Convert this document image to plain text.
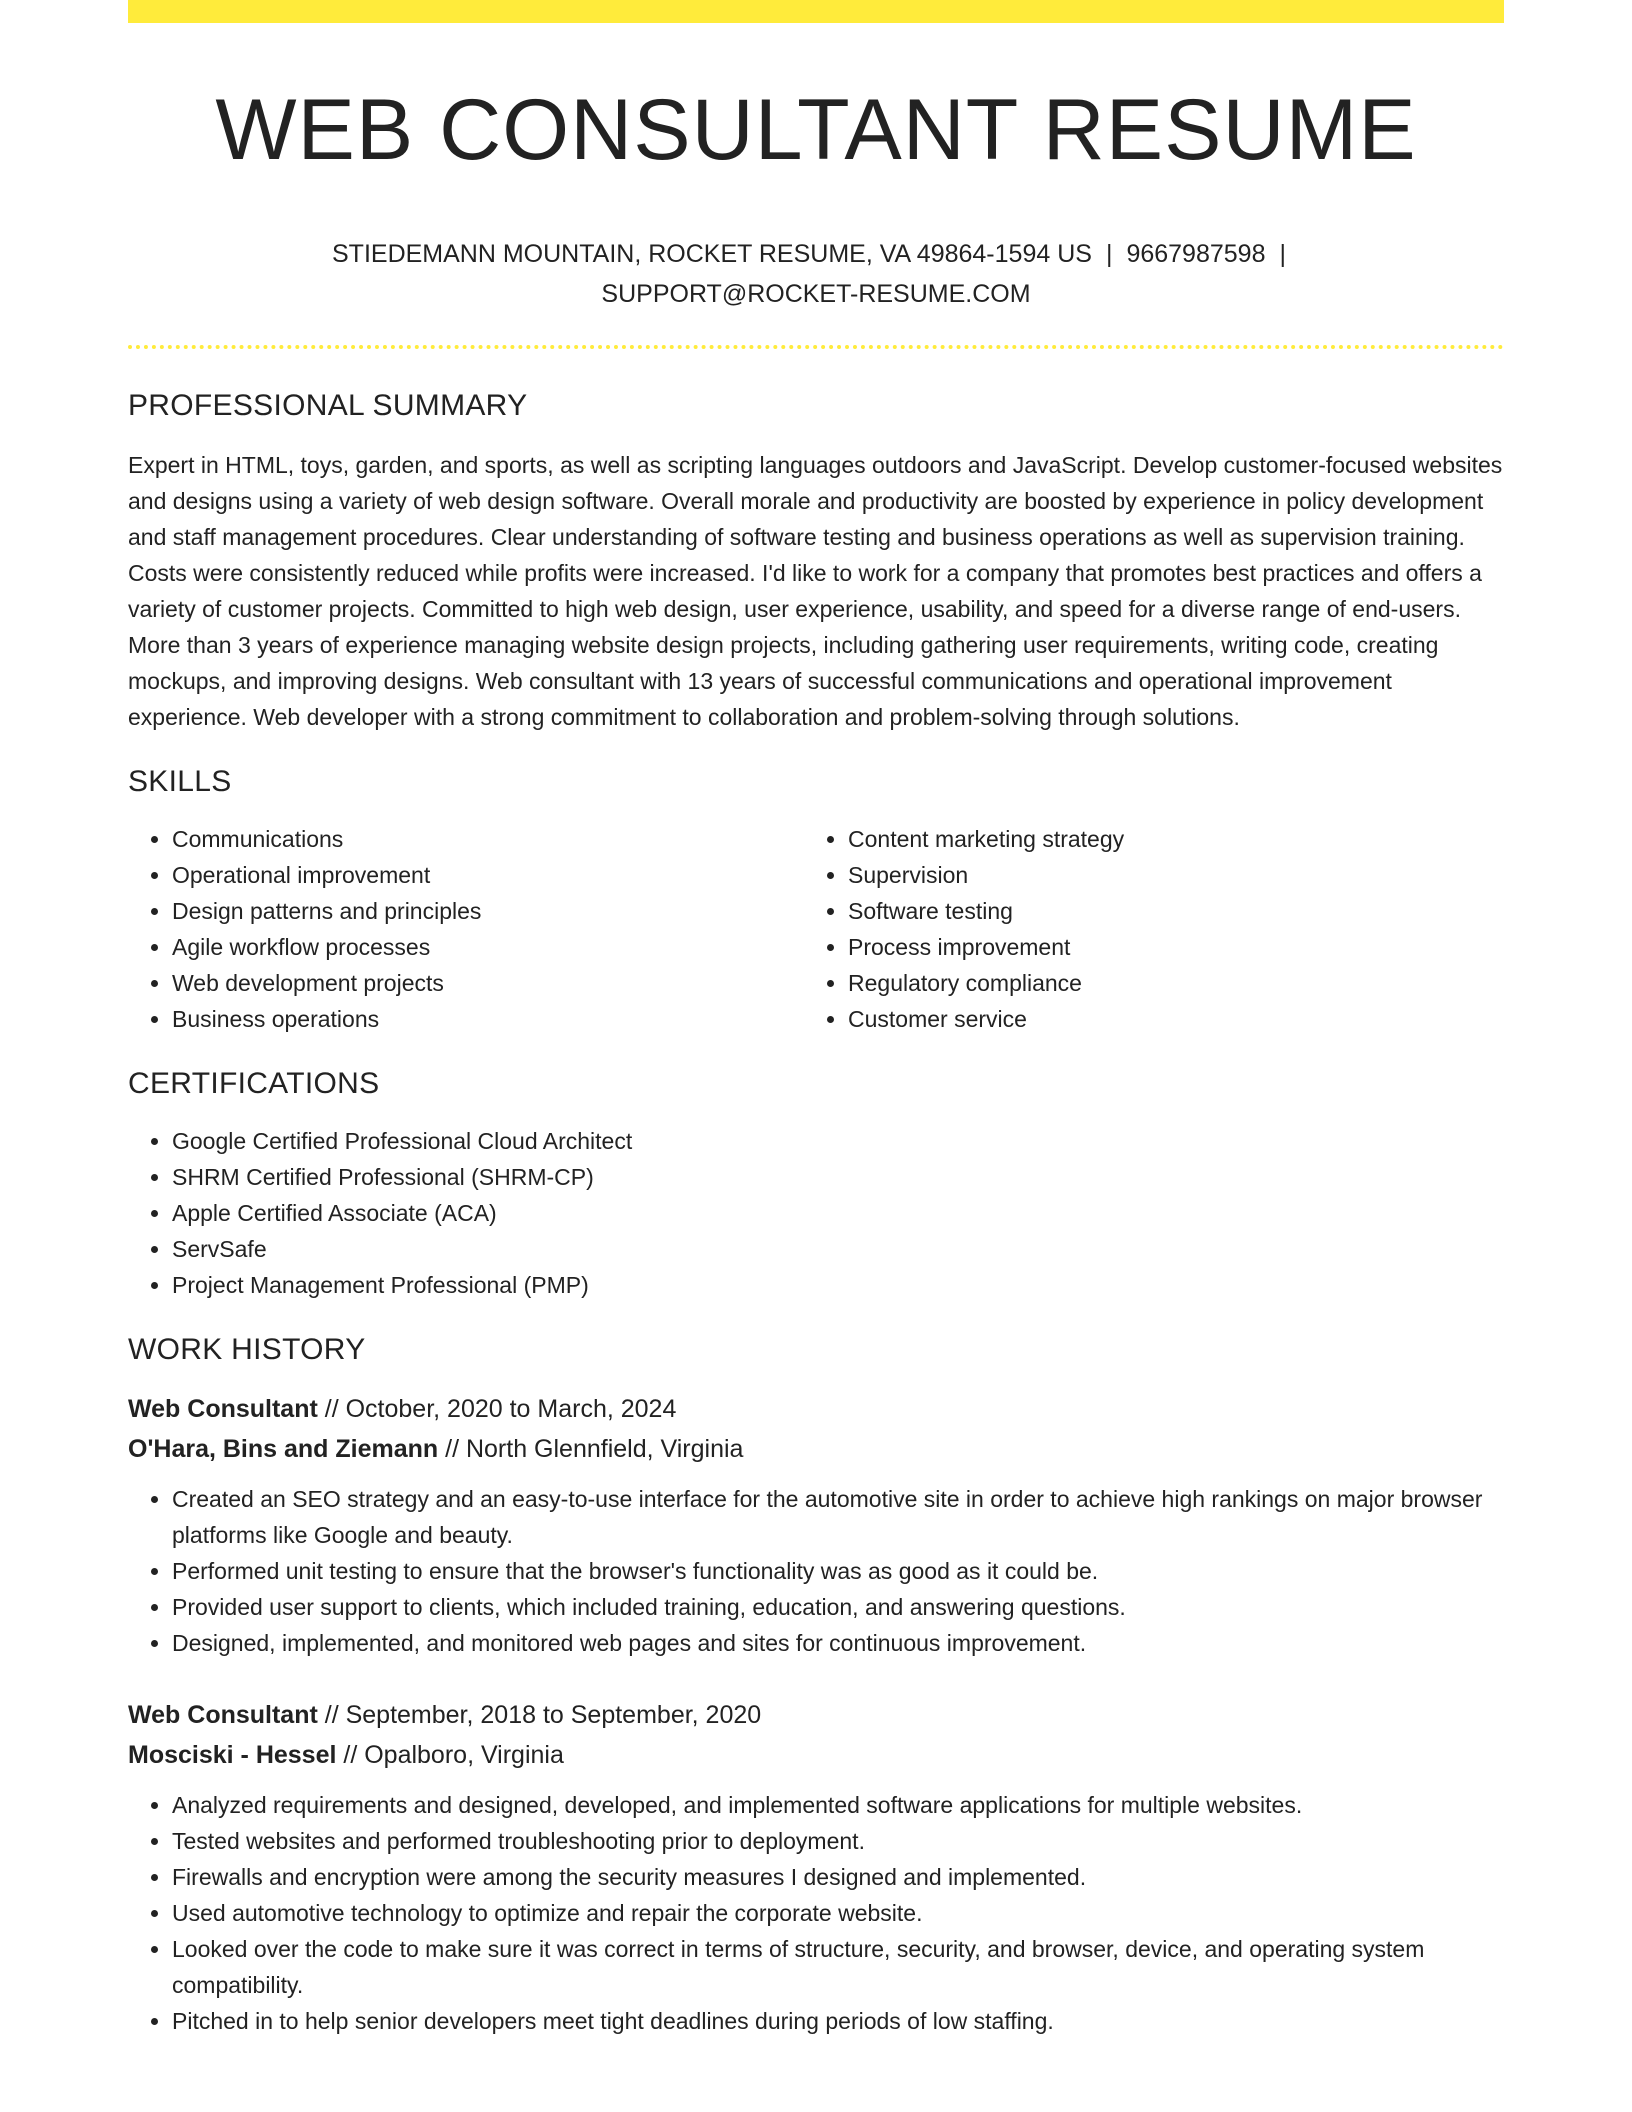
WEB CONSULTANT RESUME
STIEDEMANN MOUNTAIN, ROCKET RESUME, VA 49864-1594 US | 9667987598 |
SUPPORT@ROCKET-RESUME.COM
PROFESSIONAL SUMMARY

Expert in HTML, toys, garden, and sports, as well as scripting languages outdoors and JavaScript. Develop customer-focused websites and designs using a variety of web design software. Overall morale and productivity are boosted by experience in policy development and staff management procedures. Clear understanding of software testing and business operations as well as supervision training. Costs were consistently reduced while profits were increased. I'd like to work for a company that promotes best practices and offers a variety of customer projects. Committed to high web design, user experience, usability, and speed for a diverse range of end-users. More than 3 years of experience managing website design projects, including gathering user requirements, writing code, creating mockups, and improving designs. Web consultant with 13 years of successful communications and operational improvement experience. Web developer with a strong commitment to collaboration and problem-solving through solutions.

SKILLS
• Communications
• Operational improvement
• Design patterns and principles
• Agile workflow processes
• Web development projects
• Business operations
• Content marketing strategy
• Supervision
• Software testing
• Process improvement
• Regulatory compliance
• Customer service
CERTIFICATIONS
• Google Certified Professional Cloud Architect
• SHRM Certified Professional (SHRM-CP)
• Apple Certified Associate (ACA)
• ServSafe
• Project Management Professional (PMP)
WORK HISTORY
Web Consultant // October, 2020 to March, 2024
O'Hara, Bins and Ziemann // North Glennfield, Virginia
• Created an SEO strategy and an easy-to-use interface for the automotive site in order to achieve high rankings on major browser platforms like Google and beauty.
• Performed unit testing to ensure that the browser's functionality was as good as it could be.
• Provided user support to clients, which included training, education, and answering questions.
• Designed, implemented, and monitored web pages and sites for continuous improvement.
Web Consultant // September, 2018 to September, 2020
Mosciski - Hessel // Opalboro, Virginia
• Analyzed requirements and designed, developed, and implemented software applications for multiple websites.
• Tested websites and performed troubleshooting prior to deployment.
• Firewalls and encryption were among the security measures I designed and implemented.
• Used automotive technology to optimize and repair the corporate website.
• Looked over the code to make sure it was correct in terms of structure, security, and browser, device, and operating system compatibility.
• Pitched in to help senior developers meet tight deadlines during periods of low staffing.
